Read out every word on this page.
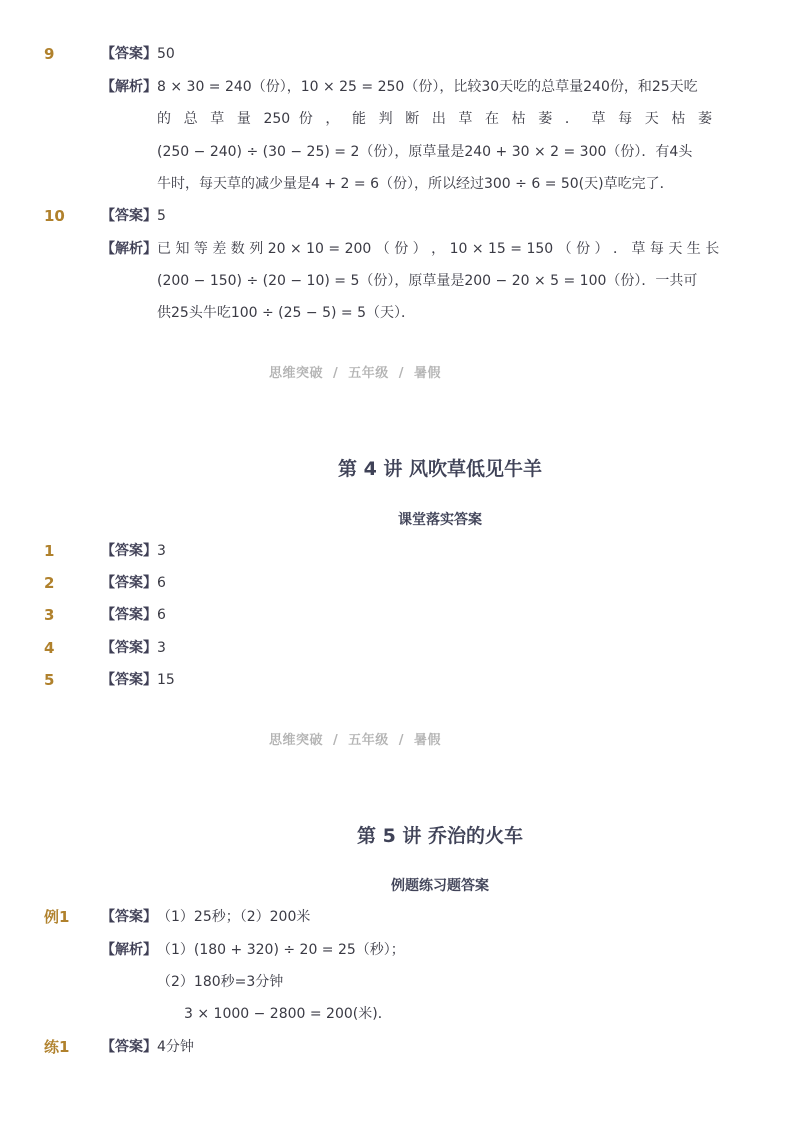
9	【答案】 50
【解析】 8 × 30 = 240（份），10 × 25 = 250（份），比较30天吃的总草量240份，和25天吃
的 总 草 量 250 份 ， 能 判 断 出 草 在 枯 萎 ． 草 每 天 枯 萎
(250 − 240) ÷ (30 − 25) = 2（份），原草量是240 + 30 × 2 = 300（份）．有4头
牛时，每天草的减少量是4 + 2 = 6（份），所以经过300 ÷ 6 = 50(天)草吃完了．
10	【答案】 5
【解析】 已 知 等 差 数 列 20 × 10 = 200 （ 份 ） ， 10 × 15 = 150 （ 份 ） ． 草 每 天 生 长
(200 − 150) ÷ (20 − 10) = 5（份），原草量是200 − 20 × 5 = 100（份）．一共可
供25头牛吃100 ÷ (25 − 5) = 5（天）．
思维突破 / 五年级 / 暑假
第 4 讲 风吹草低见牛羊
课堂落实答案
1	【答案】 3
2	【答案】 6
3	【答案】 6
4	【答案】 3
5	【答案】 15
思维突破 / 五年级 / 暑假
第 5 讲 乔治的火车
例题练习题答案
例1 【答案】 （1）25秒；（2）200米
【解析】 （1）(180 + 320) ÷ 20 = 25（秒）；
（2）180秒=3分钟
3 × 1000 − 2800 = 200(米)．
练1 【答案】 4分钟
